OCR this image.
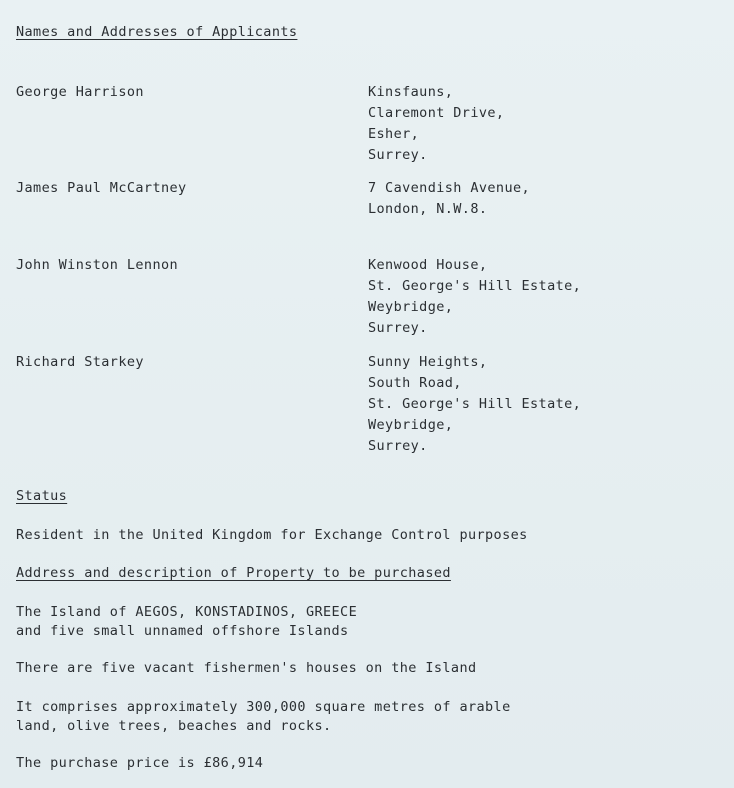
Names and Addresses of Applicants
George Harrison	Kinsfauns,
Claremont Drive,
Esher,
Surrey.
James Paul McCartney	7 Cavendish Avenue,
London, N.W.8.
John Winston Lennon	Kenwood House,
St. George's Hill Estate,
Weybridge,
Surrey.
Richard Starkey	Sunny Heights,
South Road,
St. George's Hill Estate,
Weybridge,
Surrey.
Status
Resident in the United Kingdom for Exchange Control purposes
Address and description of Property to be purchased
The Island of AEGOS, KONSTADINOS, GREECE
and five small unnamed offshore Islands
There are five vacant fishermen's houses on the Island
It comprises approximately 300,000 square metres of arable
land, olive trees, beaches and rocks.
The purchase price is £86,914
